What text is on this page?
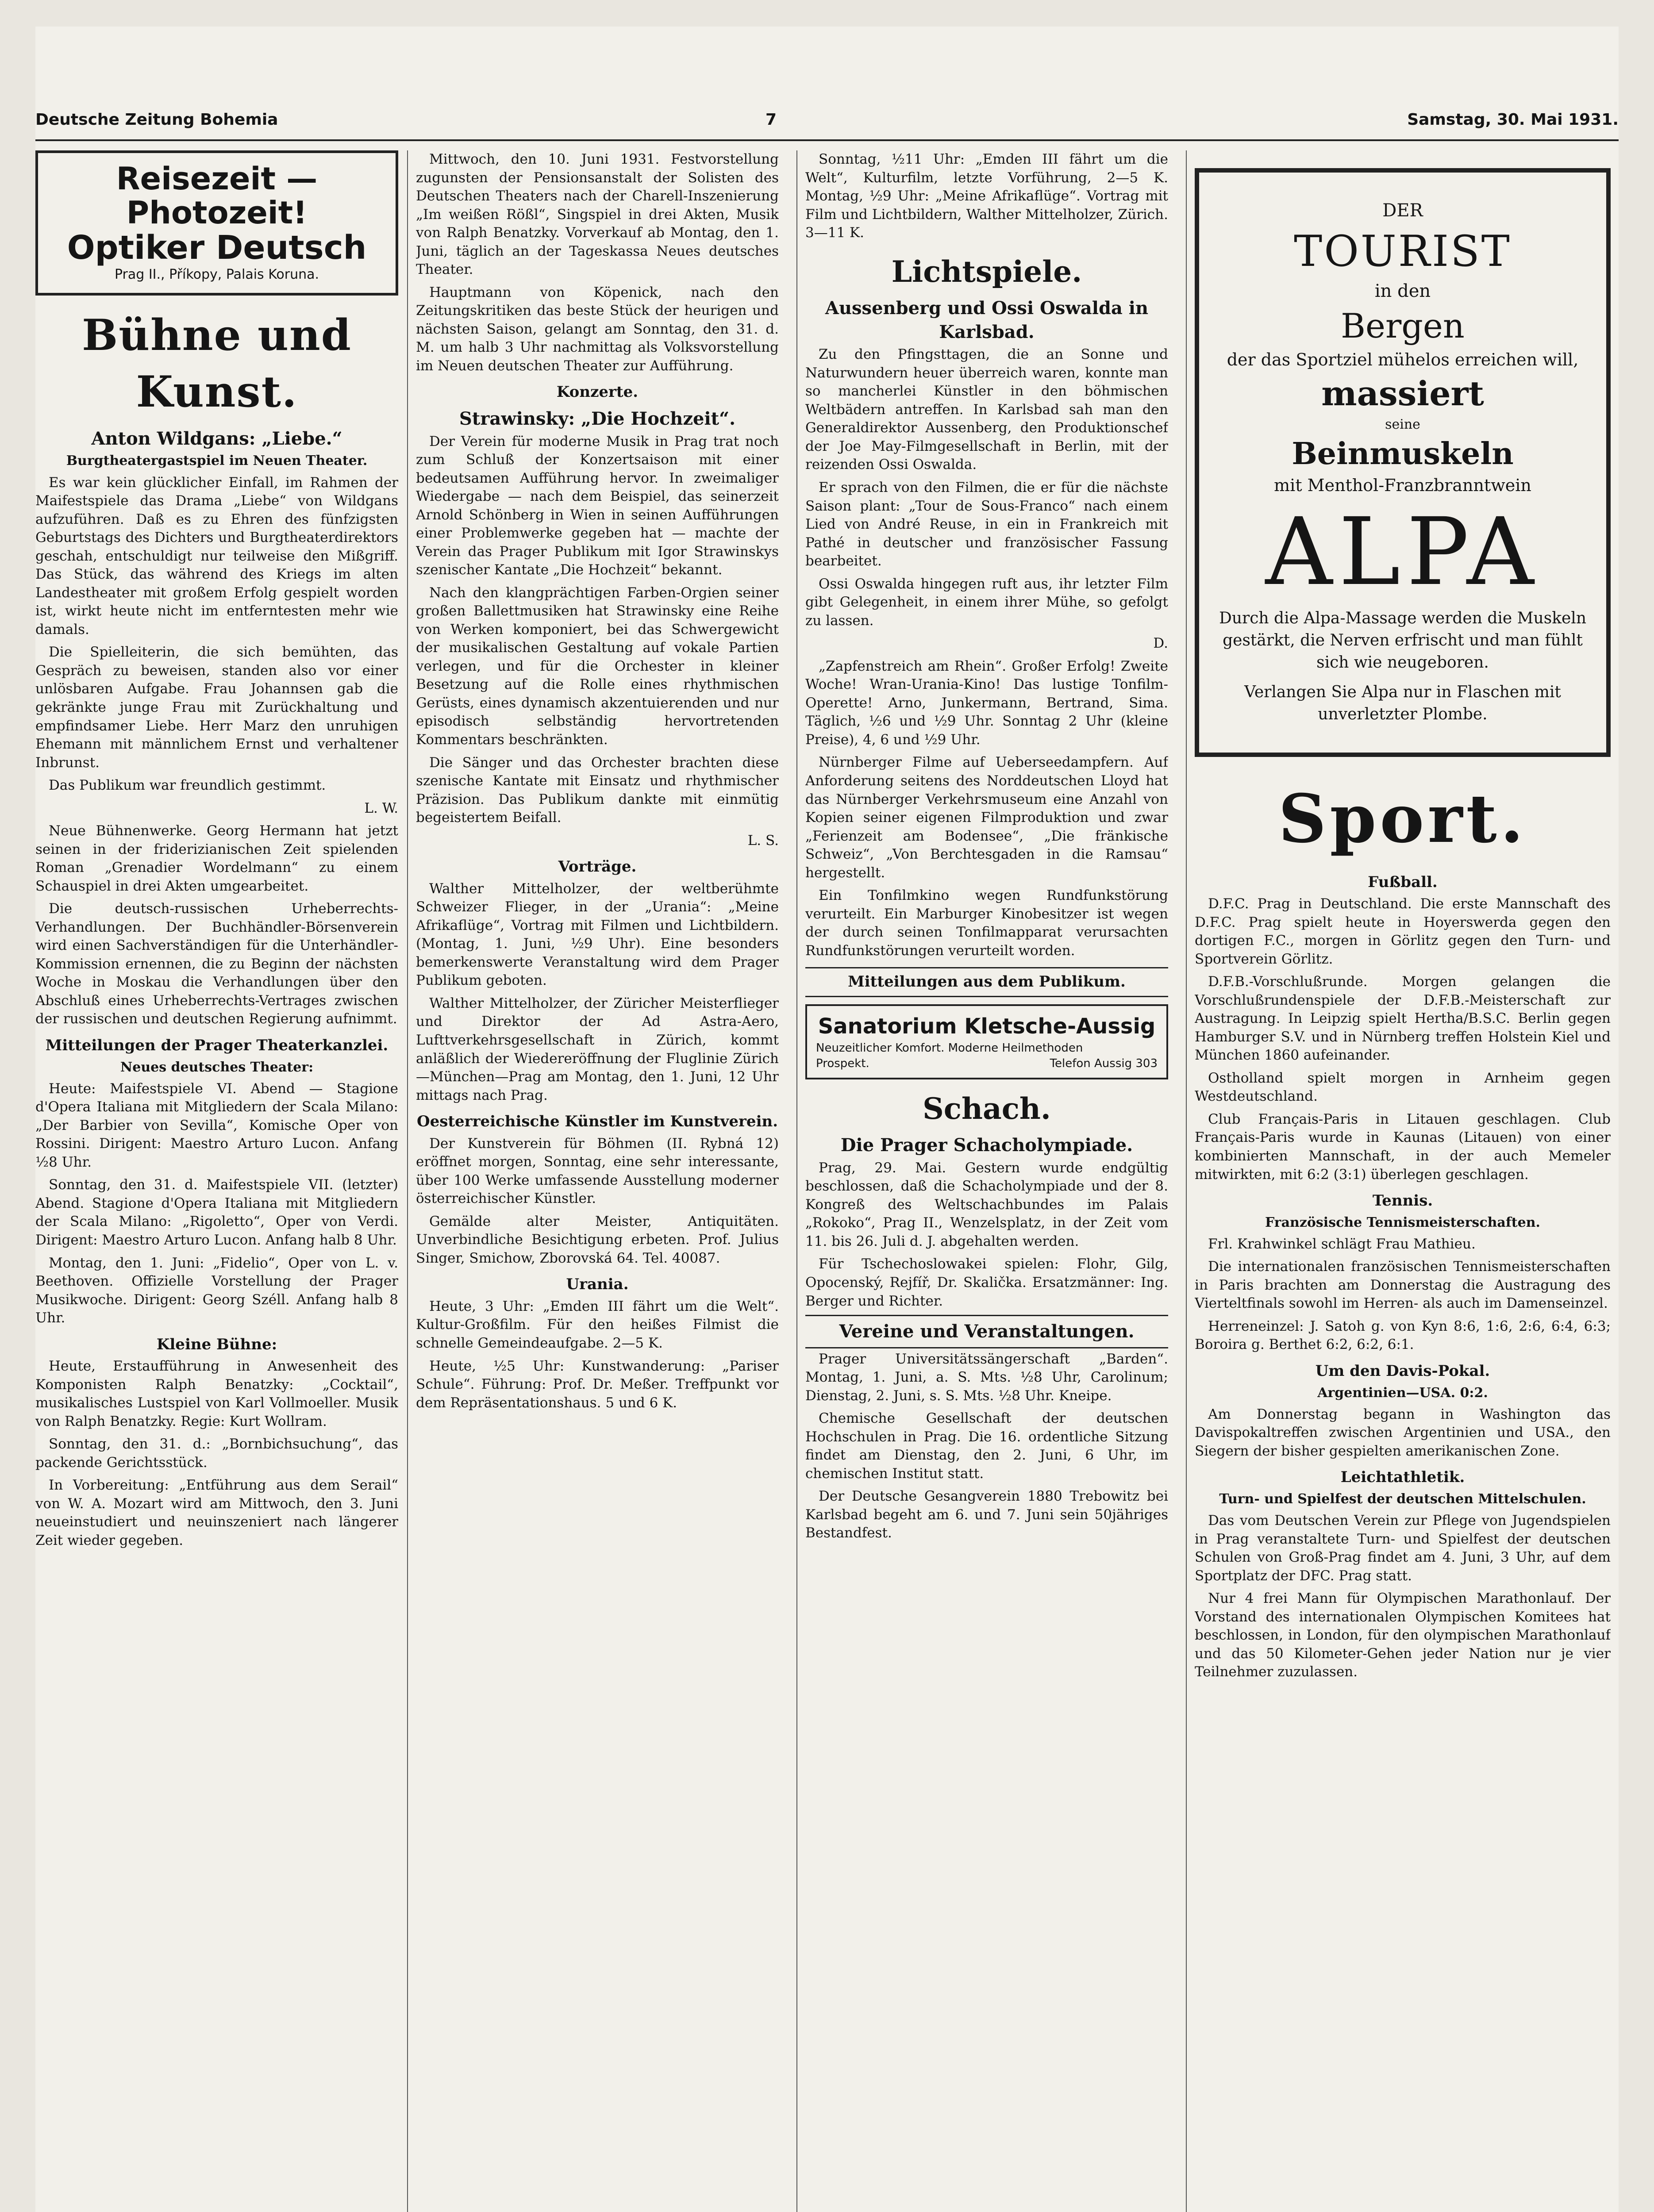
Deutsche Zeitung Bohemia	7	Samstag, 30. Mai 1931.
Reisezeit — Photozeit!
Optiker Deutsch
Prag II., Příkopy, Palais Koruna.
Bühne und Kunst.
Anton Wildgans: „Liebe.“
Burgtheatergastspiel im Neuen Theater.

Es war kein glücklicher Einfall, im Rahmen der Maifestspiele das Drama „Liebe“ von Wildgans aufzuführen. Daß es zu Ehren des fünfzigsten Geburtstags des Dichters und Burgtheaterdirektors geschah, entschuldigt nur teilweise den Mißgriff. Das Stück, das während des Kriegs im alten Landestheater mit großem Erfolg gespielt worden ist, wirkt heute nicht im entferntesten mehr wie damals.

Die Spielleiterin, die sich bemühten, das Gespräch zu beweisen, standen also vor einer unlösbaren Aufgabe. Frau Johannsen gab die gekränkte junge Frau mit Zurückhaltung und empfindsamer Liebe. Herr Marz den unruhigen Ehemann mit männlichem Ernst und verhaltener Inbrunst.

Das Publikum war freundlich gestimmt.

L. W.

Neue Bühnenwerke. Georg Hermann hat jetzt seinen in der friderizianischen Zeit spielenden Roman „Grenadier Wordelmann“ zu einem Schauspiel in drei Akten umgearbeitet.

Die deutsch-russischen Urheberrechts-Verhandlungen. Der Buchhändler-Börsenverein wird einen Sachverständigen für die Unterhändler-Kommission ernennen, die zu Beginn der nächsten Woche in Moskau die Verhandlungen über den Abschluß eines Urheberrechts-Vertrages zwischen der russischen und deutschen Regierung aufnimmt.

Mitteilungen der Prager Theaterkanzlei.
Neues deutsches Theater:

Heute: Maifestspiele VI. Abend — Stagione d'Opera Italiana mit Mitgliedern der Scala Milano: „Der Barbier von Sevilla“, Komische Oper von Rossini. Dirigent: Maestro Arturo Lucon. Anfang ½8 Uhr.

Sonntag, den 31. d. Maifestspiele VII. (letzter) Abend. Stagione d'Opera Italiana mit Mitgliedern der Scala Milano: „Rigoletto“, Oper von Verdi. Dirigent: Maestro Arturo Lucon. Anfang halb 8 Uhr.

Montag, den 1. Juni: „Fidelio“, Oper von L. v. Beethoven. Offizielle Vorstellung der Prager Musikwoche. Dirigent: Georg Széll. Anfang halb 8 Uhr.

Kleine Bühne:

Heute, Erstaufführung in Anwesenheit des Komponisten Ralph Benatzky: „Cocktail“, musikalisches Lustspiel von Karl Vollmoeller. Musik von Ralph Benatzky. Regie: Kurt Wollram.

Sonntag, den 31. d.: „Bornbichsuchung“, das packende Gerichtsstück.

In Vorbereitung: „Entführung aus dem Serail“ von W. A. Mozart wird am Mittwoch, den 3. Juni neueinstudiert und neuinszeniert nach längerer Zeit wieder gegeben.

Mittwoch, den 10. Juni 1931. Festvorstellung zugunsten der Pensionsanstalt der Solisten des Deutschen Theaters nach der Charell-Inszenierung „Im weißen Rößl“, Singspiel in drei Akten, Musik von Ralph Benatzky. Vorverkauf ab Montag, den 1. Juni, täglich an der Tageskassa Neues deutsches Theater.

Hauptmann von Köpenick, nach den Zeitungskritiken das beste Stück der heurigen und nächsten Saison, gelangt am Sonntag, den 31. d. M. um halb 3 Uhr nachmittag als Volksvorstellung im Neuen deutschen Theater zur Aufführung.

Konzerte.
Strawinsky: „Die Hochzeit“.

Der Verein für moderne Musik in Prag trat noch zum Schluß der Konzertsaison mit einer bedeutsamen Aufführung hervor. In zweimaliger Wiedergabe — nach dem Beispiel, das seinerzeit Arnold Schönberg in Wien in seinen Aufführungen einer Problemwerke gegeben hat — machte der Verein das Prager Publikum mit Igor Strawinskys szenischer Kantate „Die Hochzeit“ bekannt.

Nach den klangprächtigen Farben-Orgien seiner großen Ballettmusiken hat Strawinsky eine Reihe von Werken komponiert, bei das Schwergewicht der musikalischen Gestaltung auf vokale Partien verlegen, und für die Orchester in kleiner Besetzung auf die Rolle eines rhythmischen Gerüsts, eines dynamisch akzentuierenden und nur episodisch selbständig hervortretenden Kommentars beschränkten.

Die Sänger und das Orchester brachten diese szenische Kantate mit Einsatz und rhythmischer Präzision. Das Publikum dankte mit einmütig begeistertem Beifall.

L. S.

Vorträge.

Walther Mittelholzer, der weltberühmte Schweizer Flieger, in der „Urania“: „Meine Afrikaflüge“, Vortrag mit Filmen und Lichtbildern. (Montag, 1. Juni, ½9 Uhr). Eine besonders bemerkenswerte Veranstaltung wird dem Prager Publikum geboten.

Walther Mittelholzer, der Züricher Meisterflieger und Direktor der Ad Astra-Aero, Lufttverkehrsgesellschaft in Zürich, kommt anläßlich der Wiedereröffnung der Fluglinie Zürich—München—Prag am Montag, den 1. Juni, 12 Uhr mittags nach Prag.

Oesterreichische Künstler im Kunstverein.

Der Kunstverein für Böhmen (II. Rybná 12) eröffnet morgen, Sonntag, eine sehr interessante, über 100 Werke umfassende Ausstellung moderner österreichischer Künstler.

Gemälde alter Meister, Antiquitäten. Unverbindliche Besichtigung erbeten. Prof. Julius Singer, Smichow, Zborovská 64. Tel. 40087.

Urania.

Heute, 3 Uhr: „Emden III fährt um die Welt“. Kultur-Großfilm. Für den heißes Filmist die schnelle Gemeindeaufgabe. 2—5 K.

Heute, ½5 Uhr: Kunstwanderung: „Pariser Schule“. Führung: Prof. Dr. Meßer. Treffpunkt vor dem Repräsentationshaus. 5 und 6 K.

Sonntag, ½11 Uhr: „Emden III fährt um die Welt“, Kulturfilm, letzte Vorführung, 2—5 K. Montag, ½9 Uhr: „Meine Afrikaflüge“. Vortrag mit Film und Lichtbildern, Walther Mittelholzer, Zürich. 3—11 K.

Lichtspiele.
Aussenberg und Ossi Oswalda in Karlsbad.

Zu den Pfingsttagen, die an Sonne und Naturwundern heuer überreich waren, konnte man so mancherlei Künstler in den böhmischen Weltbädern antreffen. In Karlsbad sah man den Generaldirektor Aussenberg, den Produktionschef der Joe May-Filmgesellschaft in Berlin, mit der reizenden Ossi Oswalda.

Er sprach von den Filmen, die er für die nächste Saison plant: „Tour de Sous-Franco“ nach einem Lied von André Reuse, in ein in Frankreich mit Pathé in deutscher und französischer Fassung bearbeitet.

Ossi Oswalda hingegen ruft aus, ihr letzter Film gibt Gelegenheit, in einem ihrer Mühe, so gefolgt zu lassen.

D.

„Zapfenstreich am Rhein“. Großer Erfolg! Zweite Woche! Wran-Urania-Kino! Das lustige Tonfilm-Operette! Arno, Junkermann, Bertrand, Sima. Täglich, ½6 und ½9 Uhr. Sonntag 2 Uhr (kleine Preise), 4, 6 und ½9 Uhr.

Nürnberger Filme auf Ueberseedampfern. Auf Anforderung seitens des Norddeutschen Lloyd hat das Nürnberger Verkehrsmuseum eine Anzahl von Kopien seiner eigenen Filmproduktion und zwar „Ferienzeit am Bodensee“, „Die fränkische Schweiz“, „Von Berchtesgaden in die Ramsau“ hergestellt.

Ein Tonfilmkino wegen Rundfunkstörung verurteilt. Ein Marburger Kinobesitzer ist wegen der durch seinen Tonfilmapparat verursachten Rundfunkstörungen verurteilt worden.

Mitteilungen aus dem Publikum.
Sanatorium Kletsche-Aussig
Neuzeitlicher Komfort. Moderne Heilmethoden
Prospekt.	Telefon Aussig 303
Schach.
Die Prager Schacholympiade.

Prag, 29. Mai. Gestern wurde endgültig beschlossen, daß die Schacholympiade und der 8. Kongreß des Weltschachbundes im Palais „Rokoko“, Prag II., Wenzelsplatz, in der Zeit vom 11. bis 26. Juli d. J. abgehalten werden.

Für Tschechoslowakei spielen: Flohr, Gilg, Opocenský, Rejfíř, Dr. Skalička. Ersatzmänner: Ing. Berger und Richter.

Vereine und Veranstaltungen.

Prager Universitätssängerschaft „Barden“. Montag, 1. Juni, a. S. Mts. ½8 Uhr, Carolinum; Dienstag, 2. Juni, s. S. Mts. ½8 Uhr. Kneipe.

Chemische Gesellschaft der deutschen Hochschulen in Prag. Die 16. ordentliche Sitzung findet am Dienstag, den 2. Juni, 6 Uhr, im chemischen Institut statt.

Der Deutsche Gesangverein 1880 Trebowitz bei Karlsbad begeht am 6. und 7. Juni sein 50jähriges Bestandfest.

DER
TOURIST
in den
Bergen
der das Sportziel mühelos erreichen will,
massiert
seine
Beinmuskeln
mit Menthol-Franzbranntwein
ALPA
Durch die Alpa-Massage werden die Muskeln gestärkt, die Nerven erfrischt und man fühlt sich wie neugeboren.
Verlangen Sie Alpa nur in Flaschen mit unverletzter Plombe.
Sport.
Fußball.

D.F.C. Prag in Deutschland. Die erste Mannschaft des D.F.C. Prag spielt heute in Hoyerswerda gegen den dortigen F.C., morgen in Görlitz gegen den Turn- und Sportverein Görlitz.

D.F.B.-Vorschlußrunde. Morgen gelangen die Vorschlußrundenspiele der D.F.B.-Meisterschaft zur Austragung. In Leipzig spielt Hertha/B.S.C. Berlin gegen Hamburger S.V. und in Nürnberg treffen Holstein Kiel und München 1860 aufeinander.

Ostholland spielt morgen in Arnheim gegen Westdeutschland.

Club Français-Paris in Litauen geschlagen. Club Français-Paris wurde in Kaunas (Litauen) von einer kombinierten Mannschaft, in der auch Memeler mitwirkten, mit 6:2 (3:1) überlegen geschlagen.

Tennis.
Französische Tennismeisterschaften.

Frl. Krahwinkel schlägt Frau Mathieu.

Die internationalen französischen Tennismeisterschaften in Paris brachten am Donnerstag die Austragung des Vierteltfinals sowohl im Herren- als auch im Damenseinzel.

Herreneinzel: J. Satoh g. von Kyn 8:6, 1:6, 2:6, 6:4, 6:3; Boroira g. Berthet 6:2, 6:2, 6:1.

Um den Davis-Pokal.
Argentinien—USA. 0:2.

Am Donnerstag begann in Washington das Davispokaltreffen zwischen Argentinien und USA., den Siegern der bisher gespielten amerikanischen Zone.

Leichtathletik.
Turn- und Spielfest der deutschen Mittelschulen.

Das vom Deutschen Verein zur Pflege von Jugendspielen in Prag veranstaltete Turn- und Spielfest der deutschen Schulen von Groß-Prag findet am 4. Juni, 3 Uhr, auf dem Sportplatz der DFC. Prag statt.

Nur 4 frei Mann für Olympischen Marathonlauf. Der Vorstand des internationalen Olympischen Komitees hat beschlossen, in London, für den olympischen Marathonlauf und das 50 Kilometer-Gehen jeder Nation nur je vier Teilnehmer zuzulassen.
